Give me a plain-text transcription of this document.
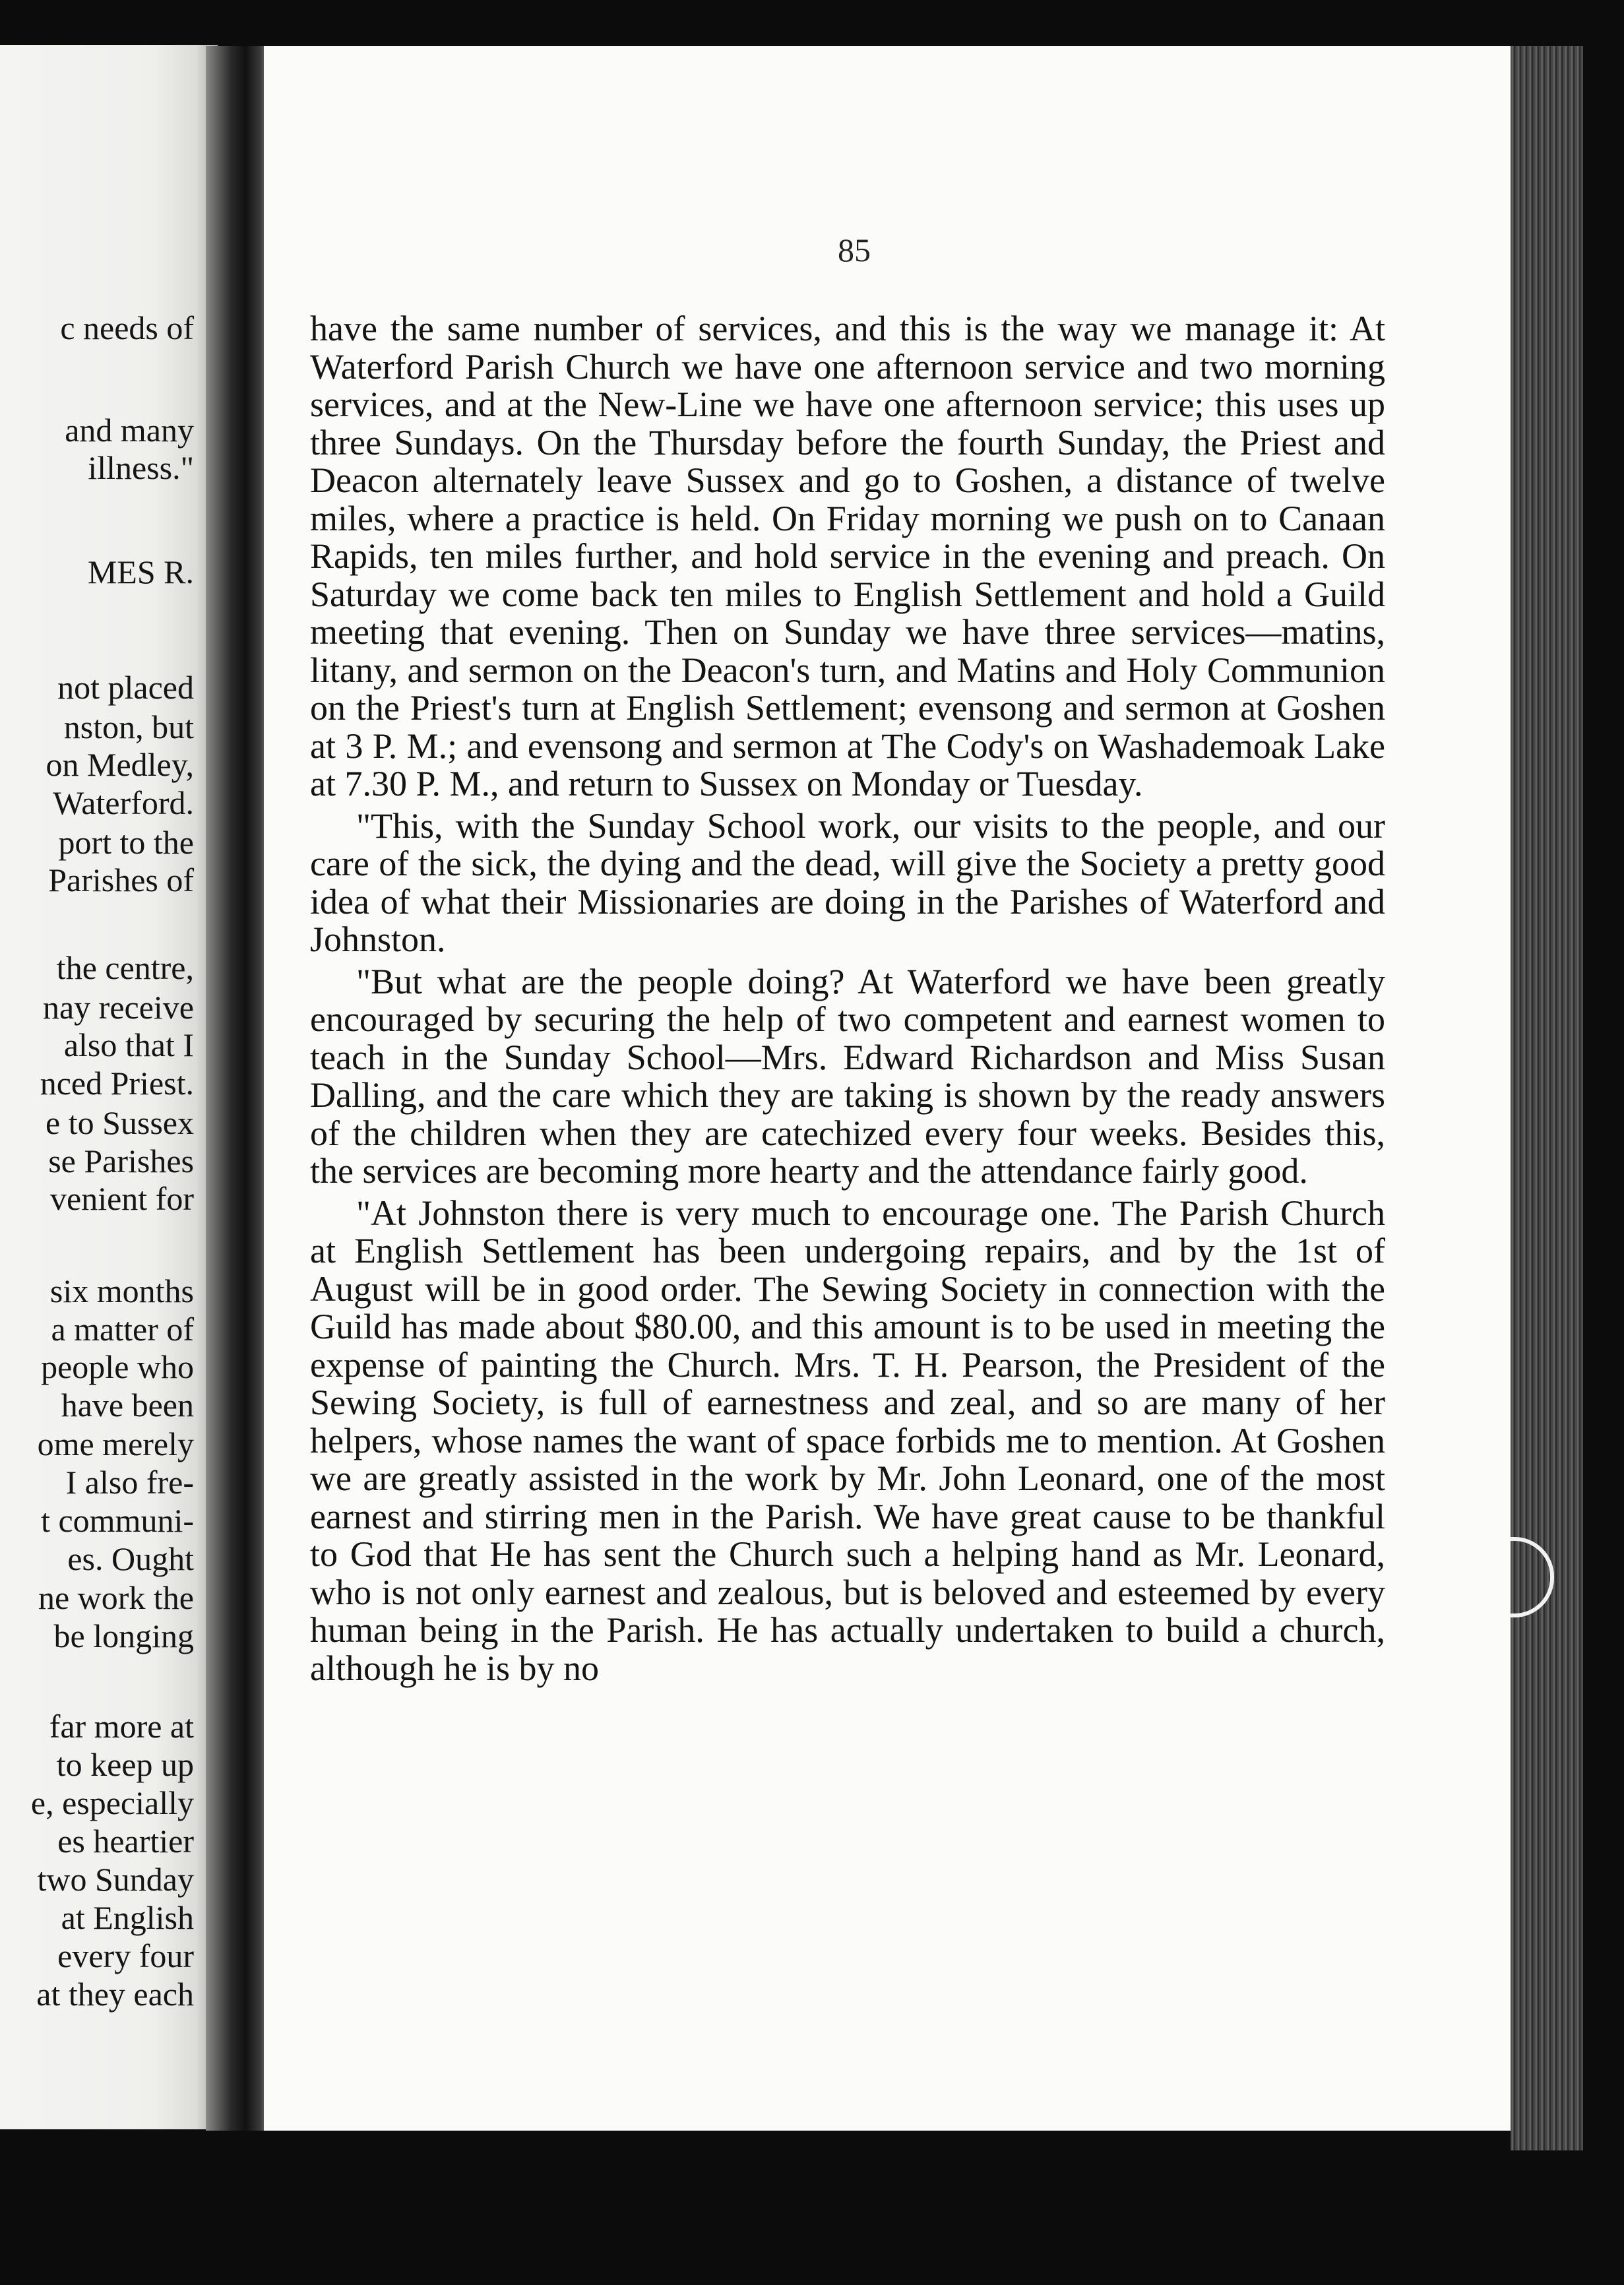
c needs of
and many
illness."
MES R.
not placed
nston, but
on Medley,
Waterford.
port to the
Parishes of
the centre,
nay receive
also that I
nced Priest.
e to Sussex
se Parishes
venient for
six months
a matter of
people who
have been
ome merely
I also fre-
t communi-
es. Ought
ne work the
be longing
far more at
to keep up
e, especially
es heartier
two Sunday
at English
every four
at they each
85

have the same number of services, and this is the way we manage it: At Waterford Parish Church we have one afternoon service and two morning services, and at the New-Line we have one afternoon service; this uses up three Sundays. On the Thursday before the fourth Sunday, the Priest and Deacon alternately leave Sussex and go to Goshen, a distance of twelve miles, where a practice is held. On Friday morning we push on to Canaan Rapids, ten miles further, and hold service in the evening and preach. On Saturday we come back ten miles to English Settlement and hold a Guild meeting that evening. Then on Sunday we have three services—matins, litany, and sermon on the Deacon's turn, and Matins and Holy Communion on the Priest's turn at English Settlement; evensong and sermon at Goshen at 3 P. M.; and evensong and sermon at The Cody's on Washademoak Lake at 7.30 P. M., and return to Sussex on Monday or Tuesday.

"This, with the Sunday School work, our visits to the people, and our care of the sick, the dying and the dead, will give the Society a pretty good idea of what their Missionaries are doing in the Parishes of Waterford and Johnston.

"But what are the people doing? At Waterford we have been greatly encouraged by securing the help of two competent and earnest women to teach in the Sunday School—Mrs. Edward Richardson and Miss Susan Dalling, and the care which they are taking is shown by the ready answers of the children when they are catechized every four weeks. Besides this, the services are becoming more hearty and the attendance fairly good.

"At Johnston there is very much to encourage one. The Parish Church at English Settlement has been undergoing repairs, and by the 1st of August will be in good order. The Sewing Society in connection with the Guild has made about $80.00, and this amount is to be used in meeting the expense of painting the Church. Mrs. T. H. Pearson, the President of the Sewing Society, is full of earnestness and zeal, and so are many of her helpers, whose names the want of space forbids me to mention. At Goshen we are greatly assisted in the work by Mr. John Leonard, one of the most earnest and stirring men in the Parish. We have great cause to be thankful to God that He has sent the Church such a helping hand as Mr. Leonard, who is not only earnest and zealous, but is beloved and esteemed by every human being in the Parish. He has actually undertaken to build a church, although he is by no
